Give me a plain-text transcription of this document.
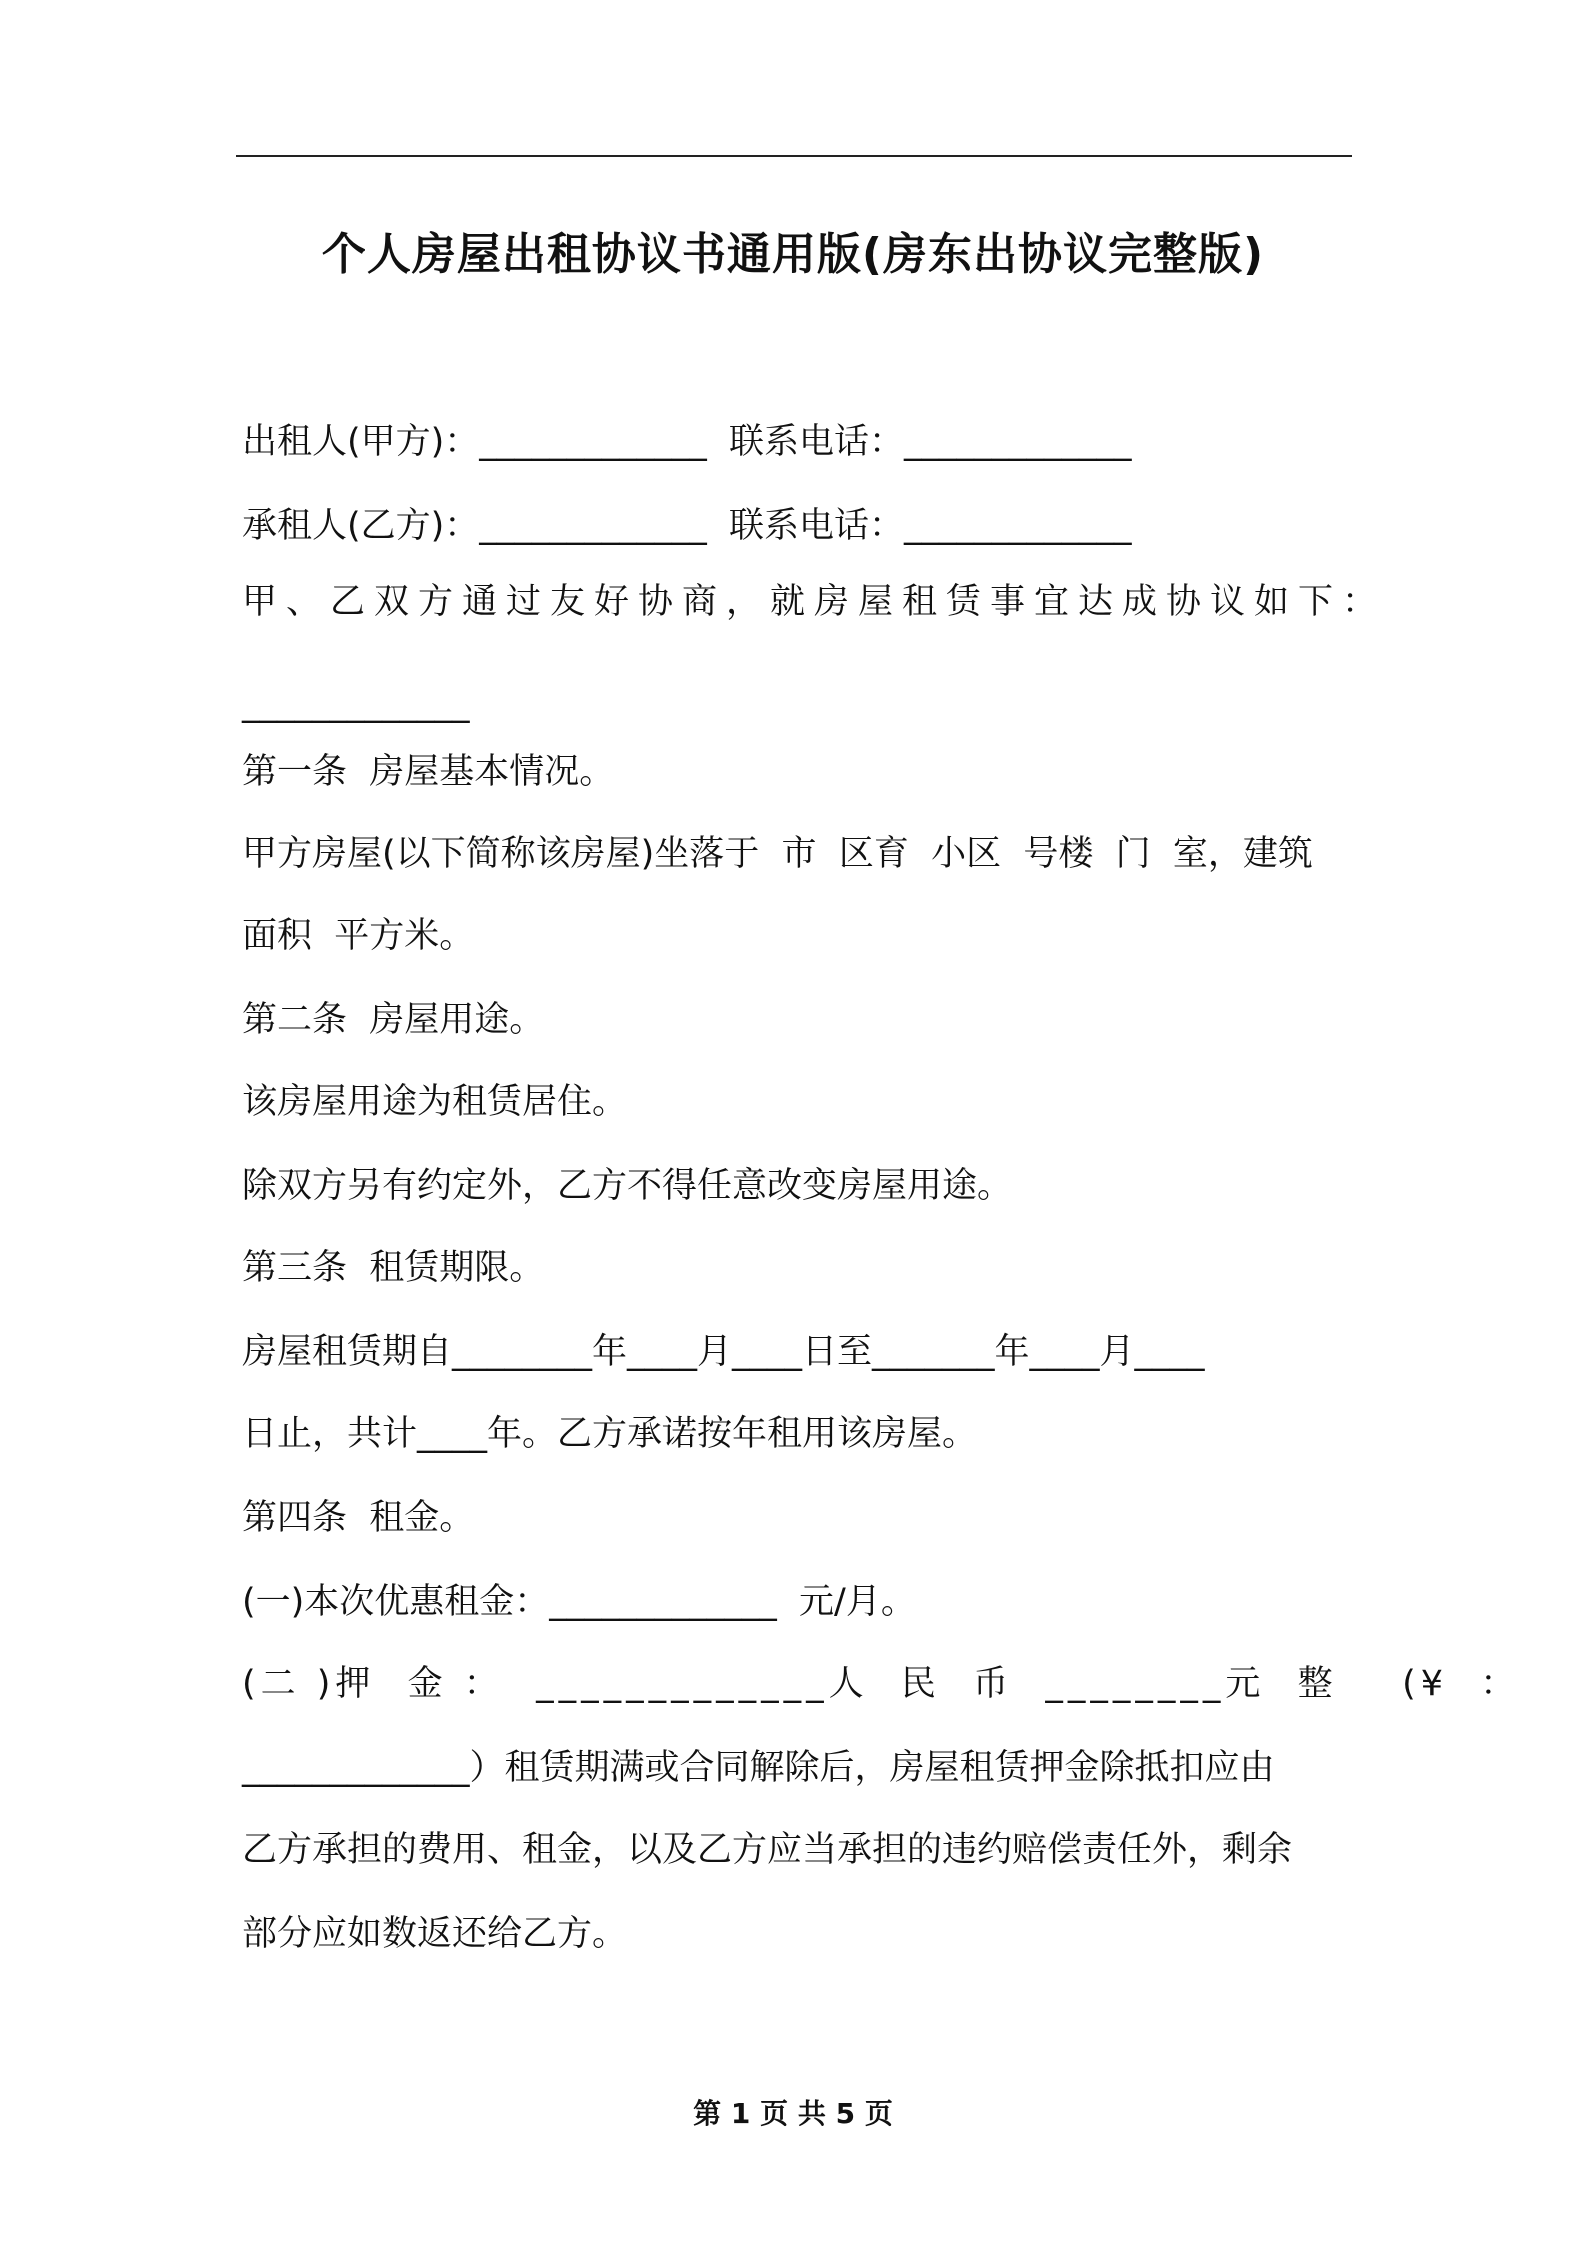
个人房屋出租协议书通用版(房东出协议完整版)
出租人(甲方)：_____________  联系电话：_____________
承租人(乙方)：_____________  联系电话：_____________
甲、乙双方通过友好协商，就房屋租赁事宜达成协议如下：
_____________
第一条  房屋基本情况。
甲方房屋(以下简称该房屋)坐落于  市  区育  小区  号楼  门  室，建筑
面积  平方米。
第二条  房屋用途。
该房屋用途为租赁居住。
除双方另有约定外，乙方不得任意改变房屋用途。
第三条  租赁期限。
房屋租赁期自________年____月____日至_______年____月____
日止，共计____年。乙方承诺按年租用该房屋。
第四条  租金。
(一)本次优惠租金：_____________  元/月。
(二 )押  金 ：  _____________人  民  币  ________元  整    (¥  ：
_____________）租赁期满或合同解除后，房屋租赁押金除抵扣应由
乙方承担的费用、租金，以及乙方应当承担的违约赔偿责任外，剩余
部分应如数返还给乙方。
第 1 页 共 5 页
